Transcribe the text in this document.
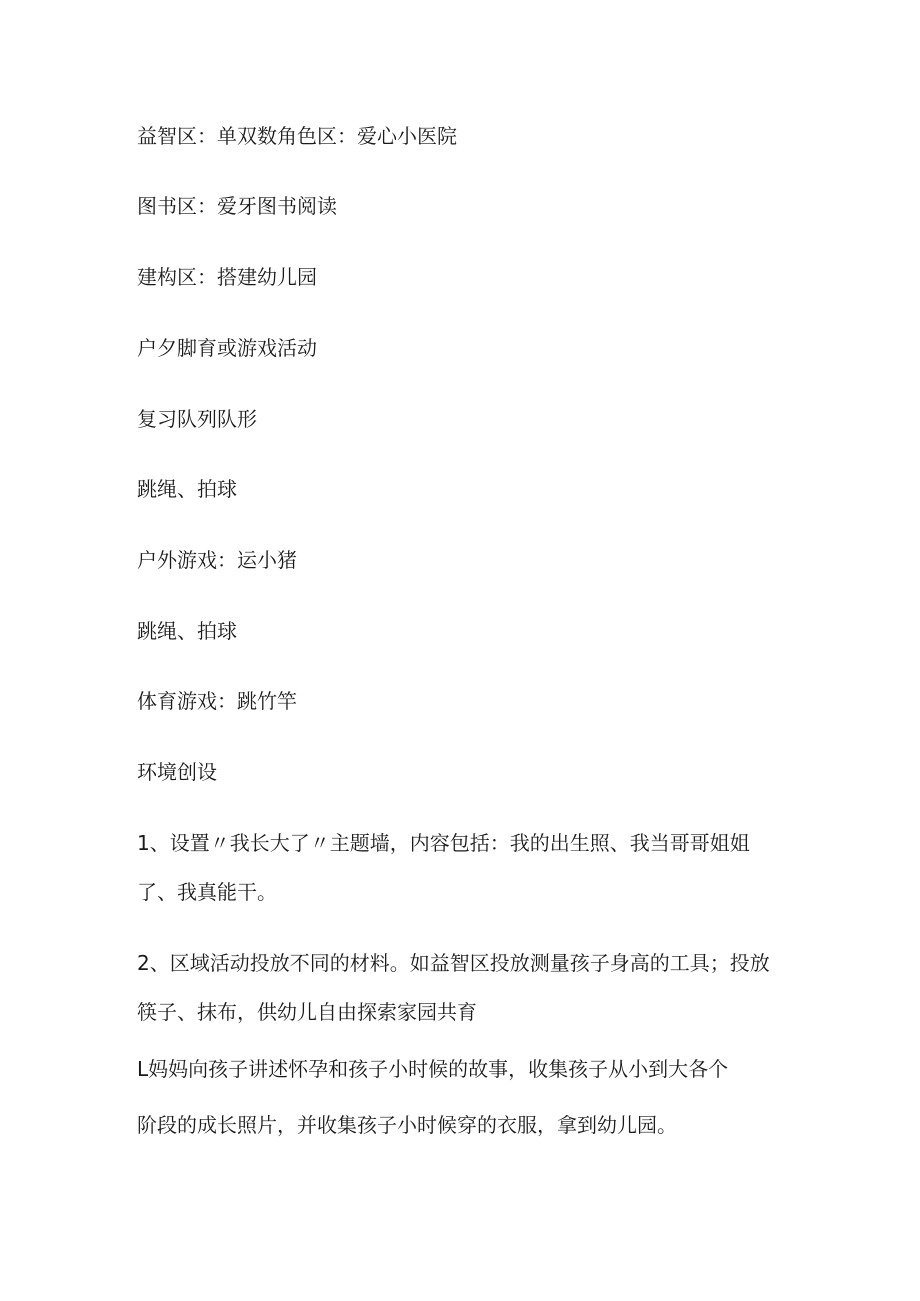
益智区：单双数角色区：爱心小医院
图书区：爱牙图书阅读
建构区：搭建幼儿园
户夕脚育或游戏活动
复习队列队形
跳绳、拍球
户外游戏：运小猪
跳绳、拍球
体育游戏：跳竹竿
环境创设
1、设置〃我长大了〃主题墙，内容包括：我的出生照、我当哥哥姐姐
了、我真能干。
2、区域活动投放不同的材料。如益智区投放测量孩子身高的工具；投放
筷子、抹布，供幼儿自由探索家园共育
L妈妈向孩子讲述怀孕和孩子小时候的故事，收集孩子从小到大各个
阶段的成长照片，并收集孩子小时候穿的衣服，拿到幼儿园。
